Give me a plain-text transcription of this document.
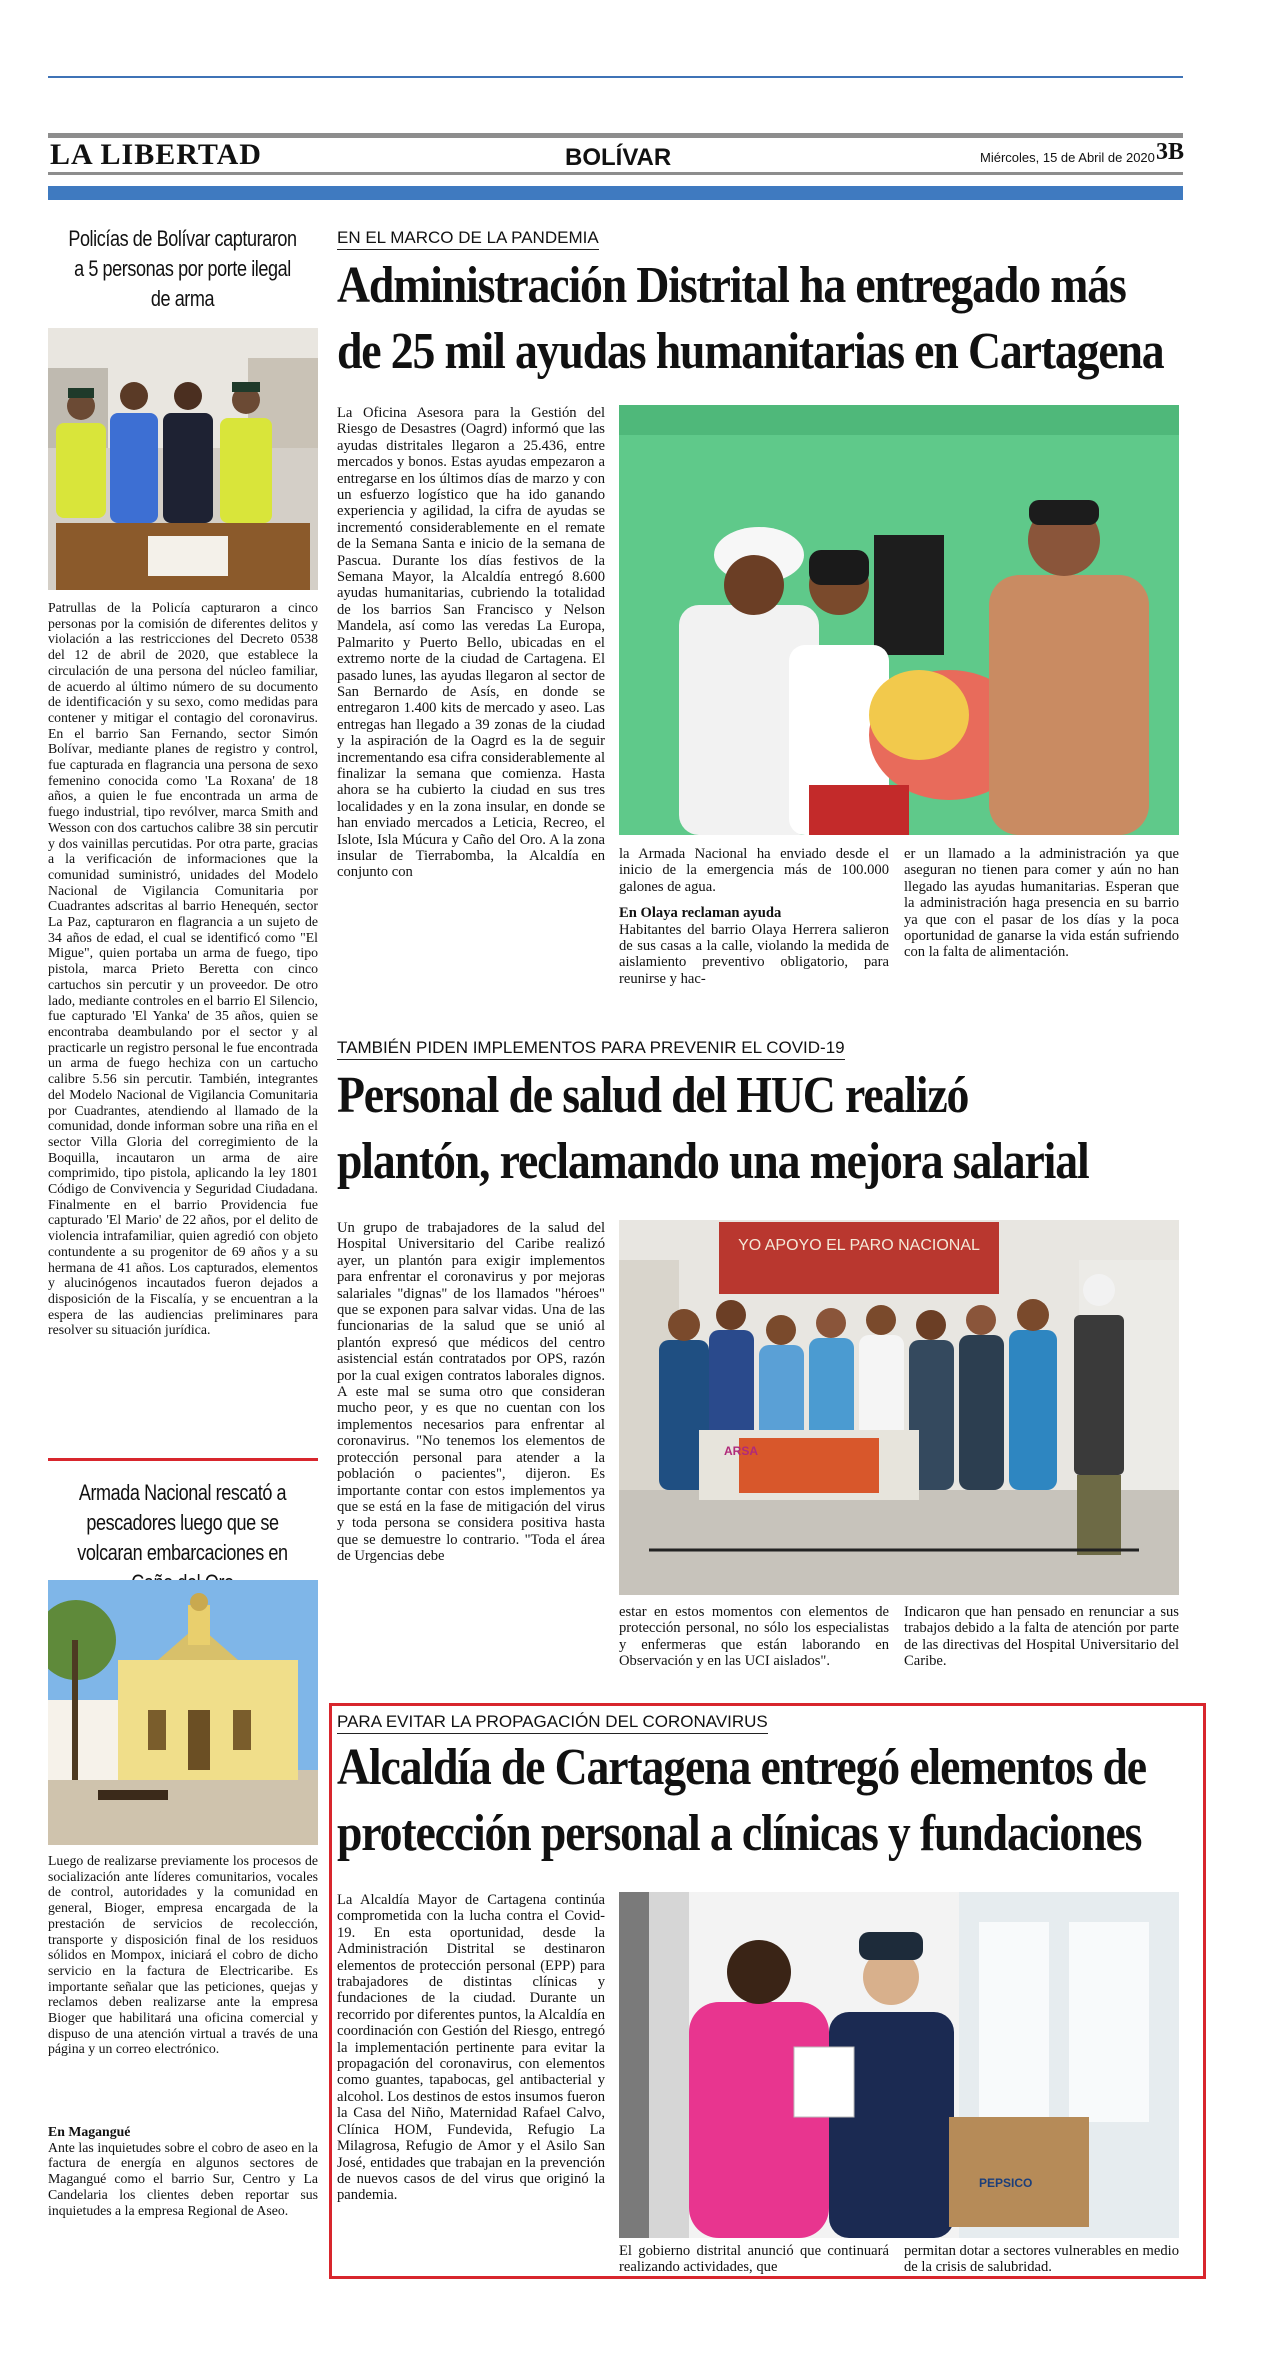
LA LIBERTAD	BOLÍVAR	Miércoles, 15 de Abril de 2020 3B
Policías de Bolívar capturaron a 5 personas por porte ilegal de arma
Patrullas de la Policía capturaron a cinco personas por la comisión de diferentes delitos y violación a las restricciones del Decreto 0538 del 12 de abril de 2020, que establece la circulación de una persona del núcleo familiar, de acuerdo al último número de su documento de identificación y su sexo, como medidas para contener y mitigar el contagio del coronavirus. En el barrio San Fernando, sector Simón Bolívar, mediante planes de registro y control, fue capturada en flagrancia una persona de sexo femenino conocida como 'La Roxana' de 18 años, a quien le fue encontrada un arma de fuego industrial, tipo revólver, marca Smith and Wesson con dos cartuchos calibre 38 sin percutir y dos vainillas percutidas. Por otra parte, gracias a la verificación de informaciones que la comunidad suministró, unidades del Modelo Nacional de Vigilancia Comunitaria por Cuadrantes adscritas al barrio Henequén, sector La Paz, capturaron en flagrancia a un sujeto de 34 años de edad, el cual se identificó como "El Migue", quien portaba un arma de fuego, tipo pistola, marca Prieto Beretta con cinco cartuchos sin percutir y un proveedor. De otro lado, mediante controles en el barrio El Silencio, fue capturado 'El Yanka' de 35 años, quien se encontraba deambulando por el sector y al practicarle un registro personal le fue encontrada un arma de fuego hechiza con un cartucho calibre 5.56 sin percutir. También, integrantes del Modelo Nacional de Vigilancia Comunitaria por Cuadrantes, atendiendo al llamado de la comunidad, donde informan sobre una riña en el sector Villa Gloria del corregimiento de la Boquilla, incautaron un arma de aire comprimido, tipo pistola, aplicando la ley 1801 Código de Convivencia y Seguridad Ciudadana. Finalmente en el barrio Providencia fue capturado 'El Mario' de 22 años, por el delito de violencia intrafamiliar, quien agredió con objeto contundente a su progenitor de 69 años y a su hermana de 41 años. Los capturados, elementos y alucinógenos incautados fueron dejados a disposición de la Fiscalía, y se encuentran a la espera de las audiencias preliminares para resolver su situación jurídica.
Armada Nacional rescató a pescadores luego que se volcaran embarcaciones en
Luego de realizarse previamente los procesos de socialización ante líderes comunitarios, vocales de control, autoridades y la comunidad en general, Bioger, empresa encargada de la prestación de servicios de recolección, transporte y disposición final de los residuos sólidos en Mompox, iniciará el cobro de dicho servicio en la factura de Electricaribe. Es importante señalar que las peticiones, quejas y reclamos deben realizarse ante la empresa Bioger que habilitará una oficina comercial y dispuso de una atención virtual a través de una página y un correo electrónico.
En Magangué
Ante las inquietudes sobre el cobro de aseo en la factura de energía en algunos sectores de Magangué como el barrio Sur, Centro y La Candelaria los clientes deben reportar sus inquietudes a la empresa Regional de Aseo.
EN EL MARCO DE LA PANDEMIA
Administración Distrital ha entregado más
de 25 mil ayudas humanitarias en Cartagena
La Oficina Asesora para la Gestión del Riesgo de Desastres (Oagrd) informó que las ayudas distritales llegaron a 25.436, entre mercados y bonos. Estas ayudas empezaron a entregarse en los últimos días de marzo y con un esfuerzo logístico que ha ido ganando experiencia y agilidad, la cifra de ayudas se incrementó considerablemente en el remate de la Semana Santa e inicio de la semana de Pascua. Durante los días festivos de la Semana Mayor, la Alcaldía entregó 8.600 ayudas humanitarias, cubriendo la totalidad de los barrios San Francisco y Nelson Mandela, así como las veredas La Europa, Palmarito y Puerto Bello, ubicadas en el extremo norte de la ciudad de Cartagena. El pasado lunes, las ayudas llegaron al sector de San Bernardo de Asís, en donde se entregaron 1.400 kits de mercado y aseo. Las entregas han llegado a 39 zonas de la ciudad y la aspiración de la Oagrd es la de seguir incrementando esa cifra considerablemente al finalizar la semana que comienza. Hasta ahora se ha cubierto la ciudad en sus tres localidades y en la zona insular, en donde se han enviado mercados a Leticia, Recreo, el Islote, Isla Múcura y Caño del Oro. A la zona insular de Tierrabomba, la Alcaldía en conjunto con
la Armada Nacional ha enviado desde el inicio de la emergencia más de 100.000 galones de agua.
En Olaya reclaman ayuda
Habitantes del barrio Olaya Herrera salieron de sus casas a la calle, violando la medida de aislamiento preventivo obligatorio, para reunirse y hac-
er un llamado a la administración ya que aseguran no tienen para comer y aún no han llegado las ayudas humanitarias. Esperan que la administración haga presencia en su barrio ya que con el pasar de los días y la poca oportunidad de ganarse la vida están sufriendo con la falta de alimentación.
TAMBIÉN PIDEN IMPLEMENTOS PARA PREVENIR EL COVID-19
Personal de salud del HUC realizó
plantón, reclamando una mejora salarial
Un grupo de trabajadores de la salud del Hospital Universitario del Caribe realizó ayer, un plantón para exigir implementos para enfrentar el coronavirus y por mejoras salariales "dignas" de los llamados "héroes" que se exponen para salvar vidas. Una de las funcionarias de la salud que se unió al plantón expresó que médicos del centro asistencial están contratados por OPS, razón por la cual exigen contratos laborales dignos. A este mal se suma otro que consideran mucho peor, y es que no cuentan con los implementos necesarios para enfrentar al coronavirus. "No tenemos los elementos de protección personal para atender a la población o pacientes", dijeron. Es importante contar con estos implementos ya que se está en la fase de mitigación del virus y toda persona se considera positiva hasta que se demuestre lo contrario. "Toda el área de Urgencias debe
YO APOYO EL PARO NACIONAL
ARSA
estar en estos momentos con elementos de protección personal, no sólo los especialistas y enfermeras que están laborando en Observación y en las UCI aislados".
Indicaron que han pensado en renunciar a sus trabajos debido a la falta de atención por parte de las directivas del Hospital Universitario del Caribe.
PARA EVITAR LA PROPAGACIÓN DEL CORONAVIRUS
Alcaldía de Cartagena entregó elementos de
protección personal a clínicas y fundaciones
La Alcaldía Mayor de Cartagena continúa comprometida con la lucha contra el Covid-19. En esta oportunidad, desde la Administración Distrital se destinaron elementos de protección personal (EPP) para trabajadores de distintas clínicas y fundaciones de la ciudad. Durante un recorrido por diferentes puntos, la Alcaldía en coordinación con Gestión del Riesgo, entregó la implementación pertinente para evitar la propagación del coronavirus, con elementos como guantes, tapabocas, gel antibacterial y alcohol. Los destinos de estos insumos fueron la Casa del Niño, Maternidad Rafael Calvo, Clínica HOM, Fundevida, Refugio La Milagrosa, Refugio de Amor y el Asilo San José, entidades que trabajan en la prevención de nuevos casos de del virus que originó la pandemia.
PEPSICO
El gobierno distrital anunció que continuará realizando actividades, que
permitan dotar a sectores vulnerables en medio de la crisis de salubridad.
